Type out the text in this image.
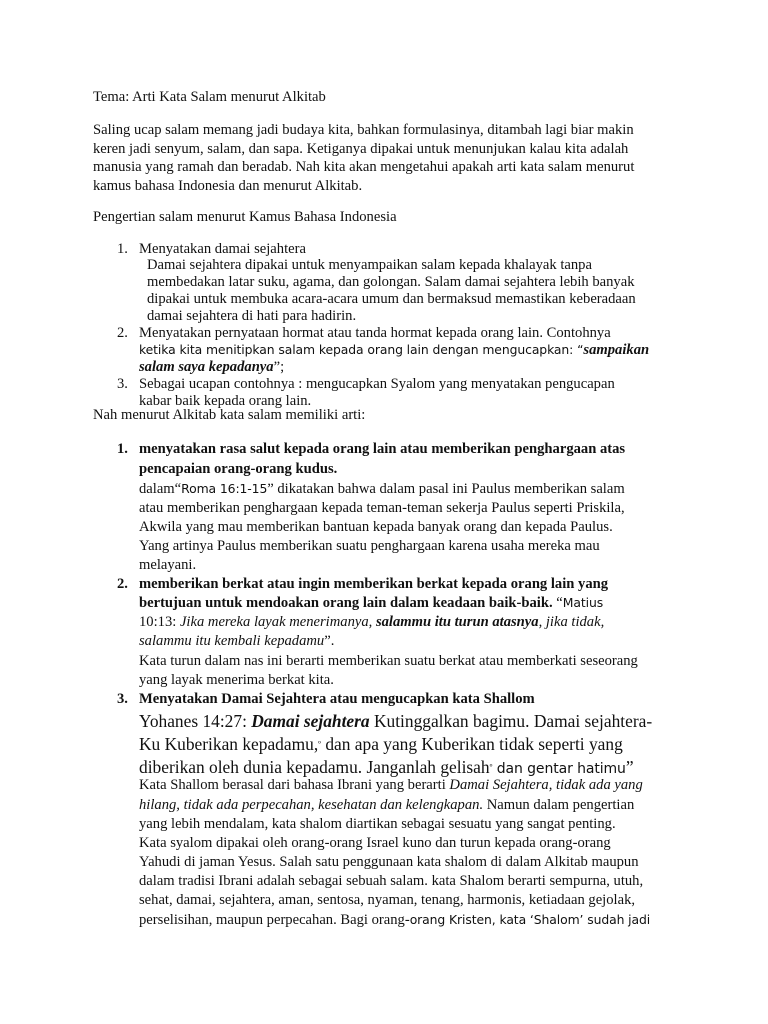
Tema: Arti Kata Salam menurut Alkitab
Saling ucap salam memang jadi budaya kita, bahkan formulasinya, ditambah lagi biar makin
keren jadi senyum, salam, dan sapa. Ketiganya dipakai untuk menunjukan kalau kita adalah
manusia yang ramah dan beradab. Nah kita akan mengetahui apakah arti kata salam menurut
kamus bahasa Indonesia dan menurut Alkitab.
Pengertian salam menurut Kamus Bahasa Indonesia
1. Menyatakan damai sejahtera
Damai sejahtera dipakai untuk menyampaikan salam kepada khalayak tanpa
membedakan latar suku, agama, dan golongan. Salam damai sejahtera lebih banyak
dipakai untuk membuka acara-acara umum dan bermaksud memastikan keberadaan
damai sejahtera di hati para hadirin.
2. Menyatakan pernyataan hormat atau tanda hormat kepada orang lain. Contohnya
ketika kita menitipkan salam kepada orang lain dengan mengucapkan: “sampaikan
salam saya kepadanya”;
3. Sebagai ucapan contohnya : mengucapkan Syalom yang menyatakan pengucapan
kabar baik kepada orang lain.
Nah menurut Alkitab kata salam memiliki arti:
1. menyatakan rasa salut kepada orang lain atau memberikan penghargaan atas
pencapaian orang-orang kudus.
dalam“Roma 16:1-15” dikatakan bahwa dalam pasal ini Paulus memberikan salam
atau memberikan penghargaan kepada teman-teman sekerja Paulus seperti Priskila,
Akwila yang mau memberikan bantuan kepada banyak orang dan kepada Paulus.
Yang artinya Paulus memberikan suatu penghargaan karena usaha mereka mau
melayani.
2. memberikan berkat atau ingin memberikan berkat kepada orang lain yang
bertujuan untuk mendoakan orang lain dalam keadaan baik-baik. “Matius
10:13: Jika mereka layak menerimanya, salammu itu turun atasnya, jika tidak,
salammu itu kembali kepadamu”.
Kata turun dalam nas ini berarti memberikan suatu berkat atau memberkati seseorang
yang layak menerima berkat kita.
3. Menyatakan Damai Sejahtera atau mengucapkan kata Shallom
Yohanes 14:27: Damai sejahtera Kutinggalkan bagimu. Damai sejahtera-
Ku Kuberikan kepadamu,$^º$ dan apa yang Kuberikan tidak seperti yang
diberikan oleh dunia kepadamu. Janganlah gelisah$^º$ dan gentar hatimu”
Kata Shallom berasal dari bahasa Ibrani yang berarti Damai Sejahtera, tidak ada yang
hilang, tidak ada perpecahan, kesehatan dan kelengkapan. Namun dalam pengertian
yang lebih mendalam, kata shalom diartikan sebagai sesuatu yang sangat penting.
Kata syalom dipakai oleh orang-orang Israel kuno dan turun kepada orang-orang
Yahudi di jaman Yesus. Salah satu penggunaan kata shalom di dalam Alkitab maupun
dalam tradisi Ibrani adalah sebagai sebuah salam. kata Shalom berarti sempurna, utuh,
sehat, damai, sejahtera, aman, sentosa, nyaman, tenang, harmonis, ketiadaan gejolak,
perselisihan, maupun perpecahan. Bagi orang-orang Kristen, kata ‘Shalom’ sudah jadi
